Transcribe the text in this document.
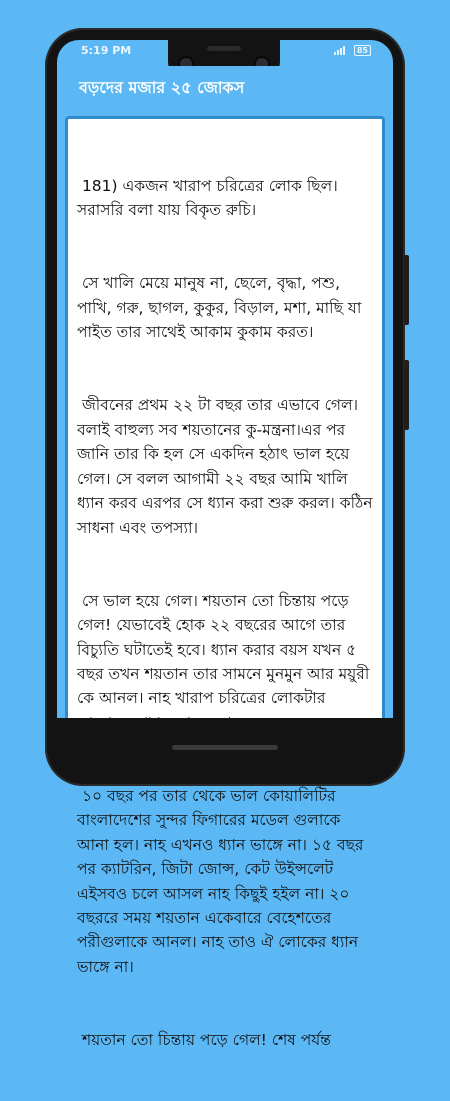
5:19 PM	85
বড়দের মজার ২৫ জোকস

181) একজন খারাপ চরিত্রের লোক ছিল। সরাসরি বলা যায় বিকৃত রুচি।

সে খালি মেয়ে মানুষ না, ছেলে, বৃদ্ধা, পশু, পাখি, গরু, ছাগল, কুকুর, বিড়াল, মশা, মাছি যা পাইত তার সাথেই আকাম কুকাম করত।

জীবনের প্রথম ২২ টা বছর তার এভাবে গেল। বলাই বাহুল্য সব শয়তানের কু-মন্ত্রনা।এর পর জানি তার কি হল সে একদিন হঠাৎ ভাল হয়ে গেল। সে বলল আগামী ২২ বছর আমি খালি ধ্যান করব এরপর সে ধ্যান করা শুরু করল। কঠিন সাধনা এবং তপস্যা।

সে ভাল হয়ে গেল। শয়তান তো চিন্তায় পড়ে গেল! যেভাবেই হোক ২২ বছরের আগে তার বিচ্যুতি ঘটাতেই হবে। ধ্যান করার বয়স যখন ৫ বছর তখন শয়তান তার সামনে মুনমুন আর ময়ুরী কে আনল। নাহ খারাপ চরিত্রের লোকটার

১০ বছর পর তার থেকে ভাল কোয়ালিটির বাংলাদেশের সুন্দর ফিগারের মডেল গুলাকে আনা হল। নাহ এখনও ধ্যান ভাঙ্গে না। ১৫ বছর পর ক্যাটরিন, জিটা জোন্স, কেট উইন্সলেট এইসবও চলে আসল নাহ কিছুই হইল না। ২০ বছররে সময় শয়তান একেবারে বেহেশতের পরীগুলাকে আনল। নাহ তাও ঐ লোকের ধ্যান ভাঙ্গে না।

শয়তান তো চিন্তায় পড়ে গেল! শেষ পর্যন্ত
